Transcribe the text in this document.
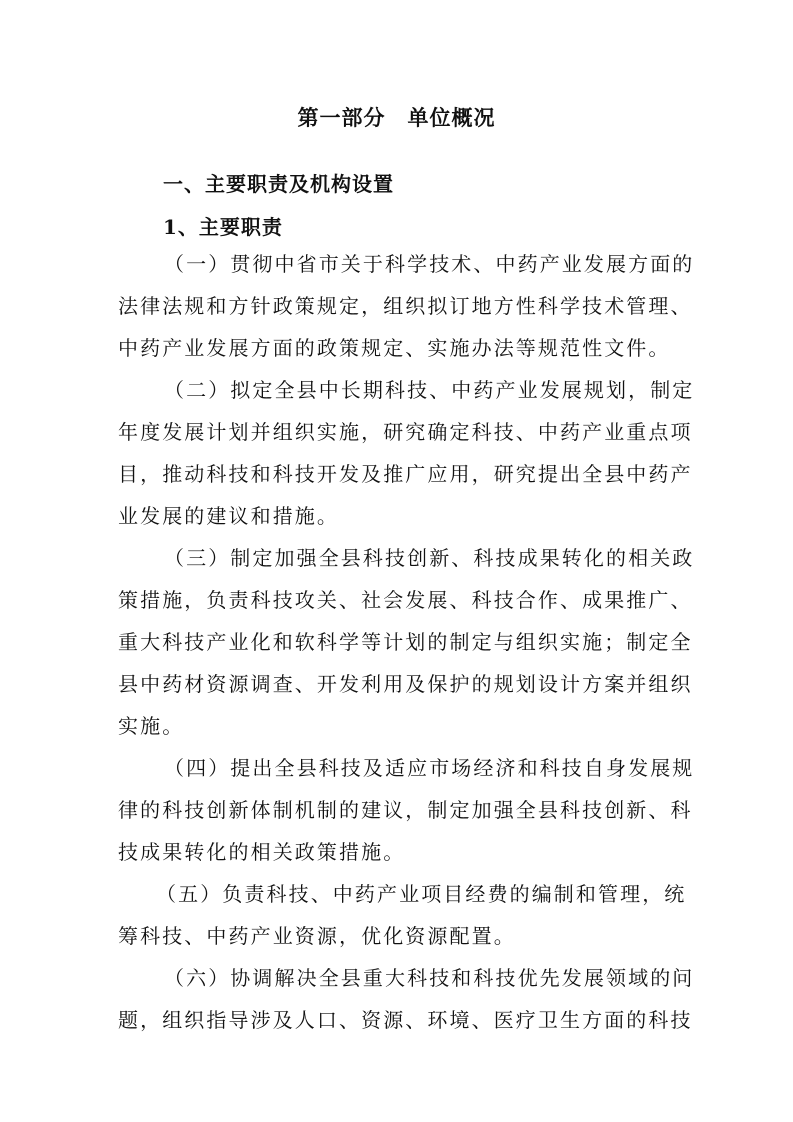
第一部分　单位概况
一、主要职责及机构设置
1、主要职责

（一）贯彻中省市关于科学技术、中药产业发展方面的
法律法规和方针政策规定，组织拟订地方性科学技术管理、
中药产业发展方面的政策规定、实施办法等规范性文件。

（二）拟定全县中长期科技、中药产业发展规划，制定
年度发展计划并组织实施，研究确定科技、中药产业重点项
目，推动科技和科技开发及推广应用，研究提出全县中药产
业发展的建议和措施。

（三）制定加强全县科技创新、科技成果转化的相关政
策措施，负责科技攻关、社会发展、科技合作、成果推广、
重大科技产业化和软科学等计划的制定与组织实施；制定全
县中药材资源调查、开发利用及保护的规划设计方案并组织
实施。

（四）提出全县科技及适应市场经济和科技自身发展规
律的科技创新体制机制的建议，制定加强全县科技创新、科
技成果转化的相关政策措施。

（五）负责科技、中药产业项目经费的编制和管理，统
筹科技、中药产业资源，优化资源配置。

（六）协调解决全县重大科技和科技优先发展领域的问
题，组织指导涉及人口、资源、环境、医疗卫生方面的科技
